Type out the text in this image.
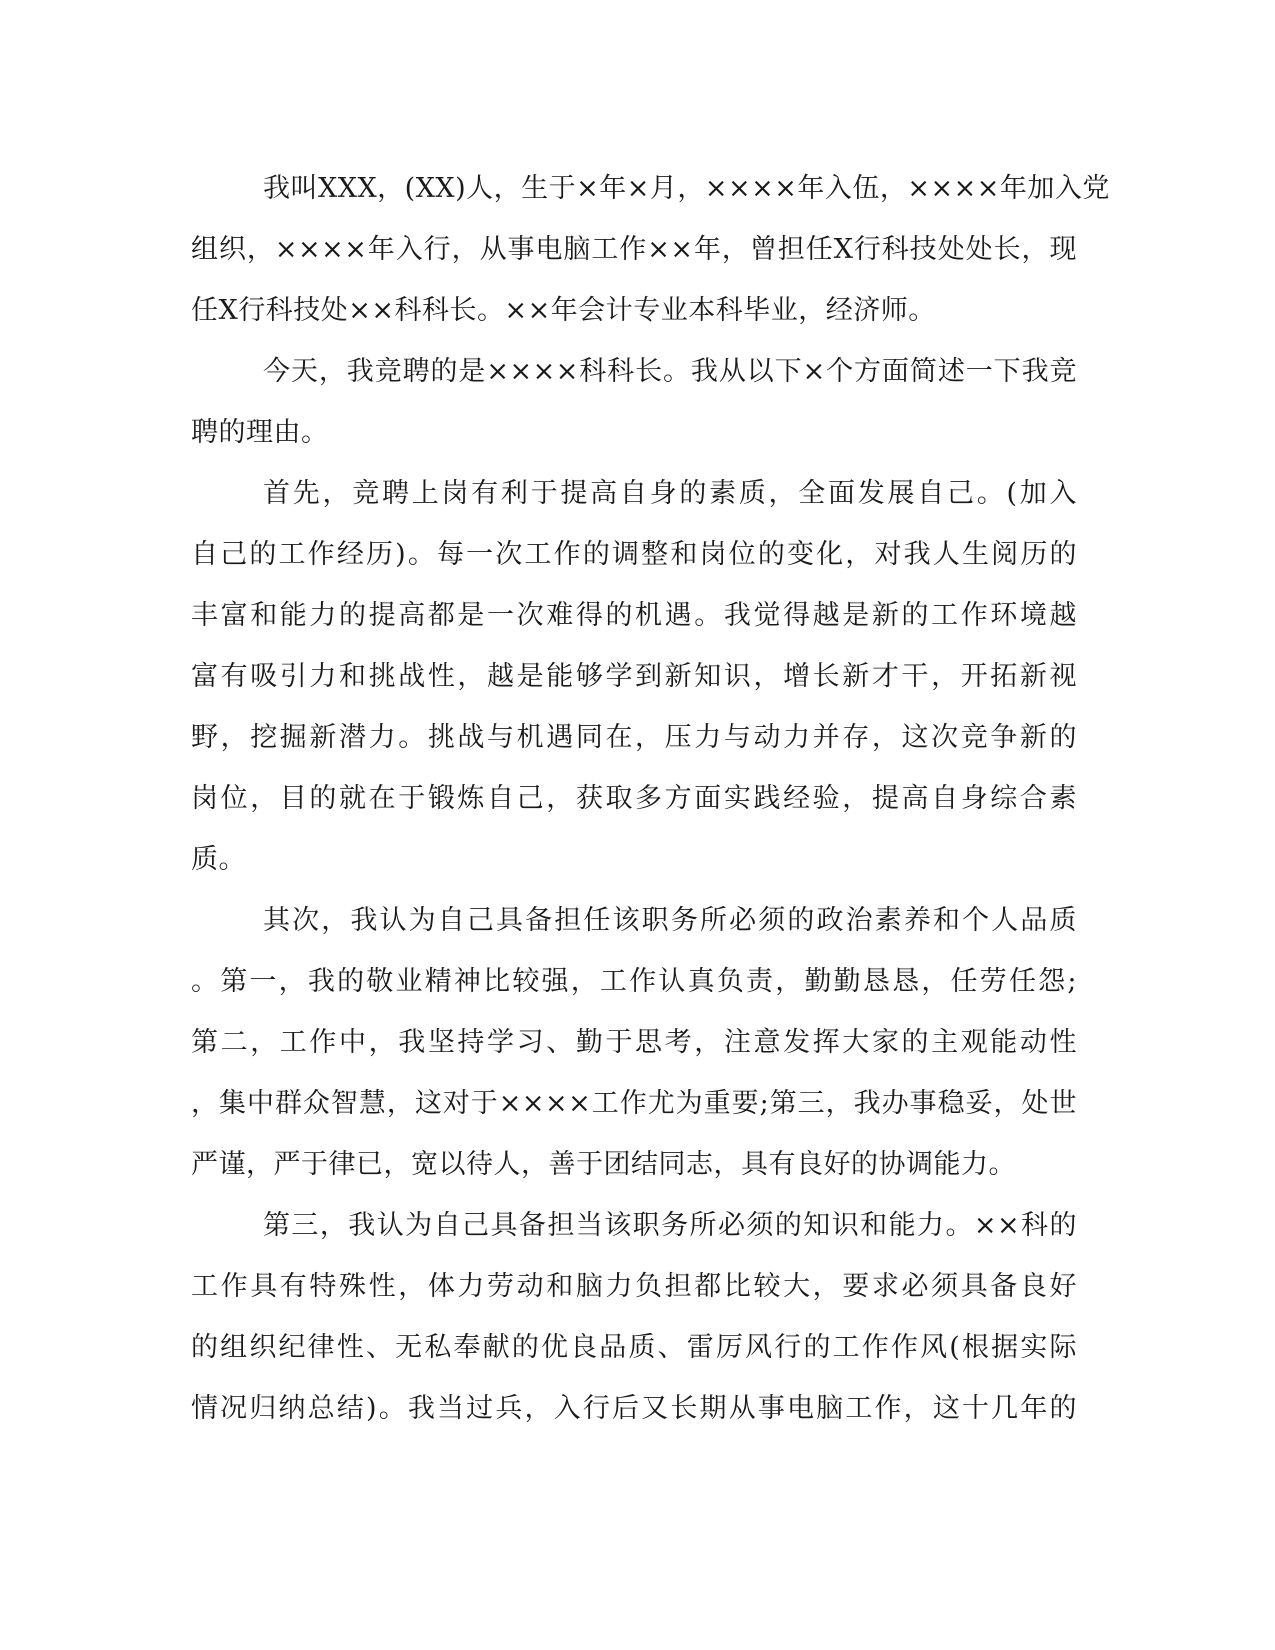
我叫XXX，(XX)人，生于×年×月，××××年入伍，××××年加入党
组织，××××年入行，从事电脑工作××年，曾担任X行科技处处长，现
任X行科技处××科科长。××年会计专业本科毕业，经济师。
今天，我竞聘的是××××科科长。我从以下×个方面简述一下我竞
聘的理由。
首先，竞聘上岗有利于提高自身的素质，全面发展自己。(加入
自己的工作经历)。每一次工作的调整和岗位的变化，对我人生阅历的
丰富和能力的提高都是一次难得的机遇。我觉得越是新的工作环境越
富有吸引力和挑战性，越是能够学到新知识，增长新才干，开拓新视
野，挖掘新潜力。挑战与机遇同在，压力与动力并存，这次竞争新的
岗位，目的就在于锻炼自己，获取多方面实践经验，提高自身综合素
质。
其次，我认为自己具备担任该职务所必须的政治素养和个人品质
。第一，我的敬业精神比较强，工作认真负责，勤勤恳恳，任劳任怨;
第二，工作中，我坚持学习、勤于思考，注意发挥大家的主观能动性
，集中群众智慧，这对于××××工作尤为重要;第三，我办事稳妥，处世
严谨，严于律已，宽以待人，善于团结同志，具有良好的协调能力。
第三，我认为自己具备担当该职务所必须的知识和能力。××科的
工作具有特殊性，体力劳动和脑力负担都比较大，要求必须具备良好
的组织纪律性、无私奉献的优良品质、雷厉风行的工作作风(根据实际
情况归纳总结)。我当过兵，入行后又长期从事电脑工作，这十几年的
